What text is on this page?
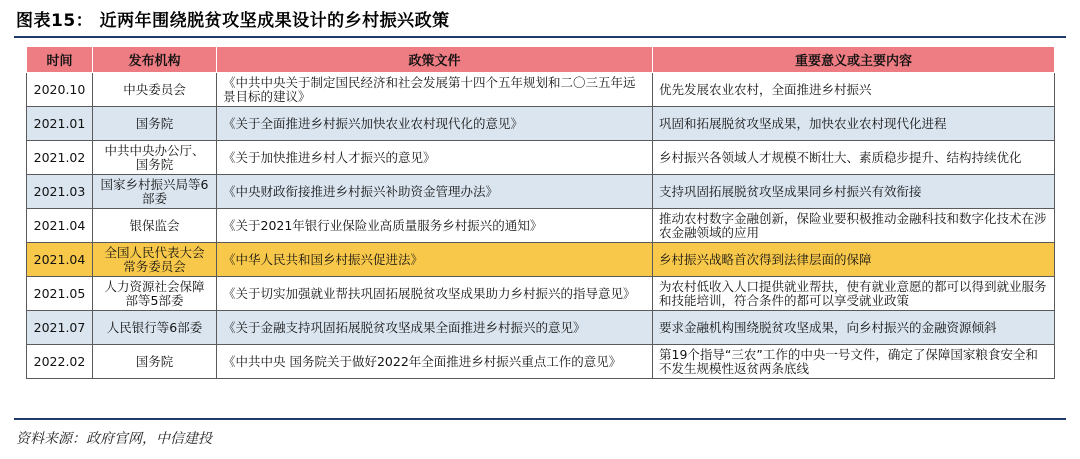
图表15： 近两年围绕脱贫攻坚成果设计的乡村振兴政策
时间	发布机构	政策文件	重要意义或主要内容
2020.10	中央委员会	《中共中央关于制定国民经济和社会发展第十四个五年规划和二〇三五年远景目标的建议》	优先发展农业农村，全面推进乡村振兴
2021.01	国务院	《关于全面推进乡村振兴加快农业农村现代化的意见》	巩固和拓展脱贫攻坚成果，加快农业农村现代化进程
2021.02	中共中央办公厅、国务院	《关于加快推进乡村人才振兴的意见》	乡村振兴各领域人才规模不断壮大、素质稳步提升、结构持续优化
2021.03	国家乡村振兴局等6部委	《中央财政衔接推进乡村振兴补助资金管理办法》	支持巩固拓展脱贫攻坚成果同乡村振兴有效衔接
2021.04	银保监会	《关于2021年银行业保险业高质量服务乡村振兴的通知》	推动农村数字金融创新，保险业要积极推动金融科技和数字化技术在涉农金融领域的应用
2021.04	全国人民代表大会常务委员会	《中华人民共和国乡村振兴促进法》	乡村振兴战略首次得到法律层面的保障
2021.05	人力资源社会保障部等5部委	《关于切实加强就业帮扶巩固拓展脱贫攻坚成果助力乡村振兴的指导意见》	为农村低收入人口提供就业帮扶，使有就业意愿的都可以得到就业服务和技能培训，符合条件的都可以享受就业政策
2021.07	人民银行等6部委	《关于金融支持巩固拓展脱贫攻坚成果全面推进乡村振兴的意见》	要求金融机构围绕脱贫攻坚成果，向乡村振兴的金融资源倾斜
2022.02	国务院	《中共中央 国务院关于做好2022年全面推进乡村振兴重点工作的意见》	第19个指导“三农”工作的中央一号文件，确定了保障国家粮食安全和不发生规模性返贫两条底线
资料来源：政府官网，中信建投
